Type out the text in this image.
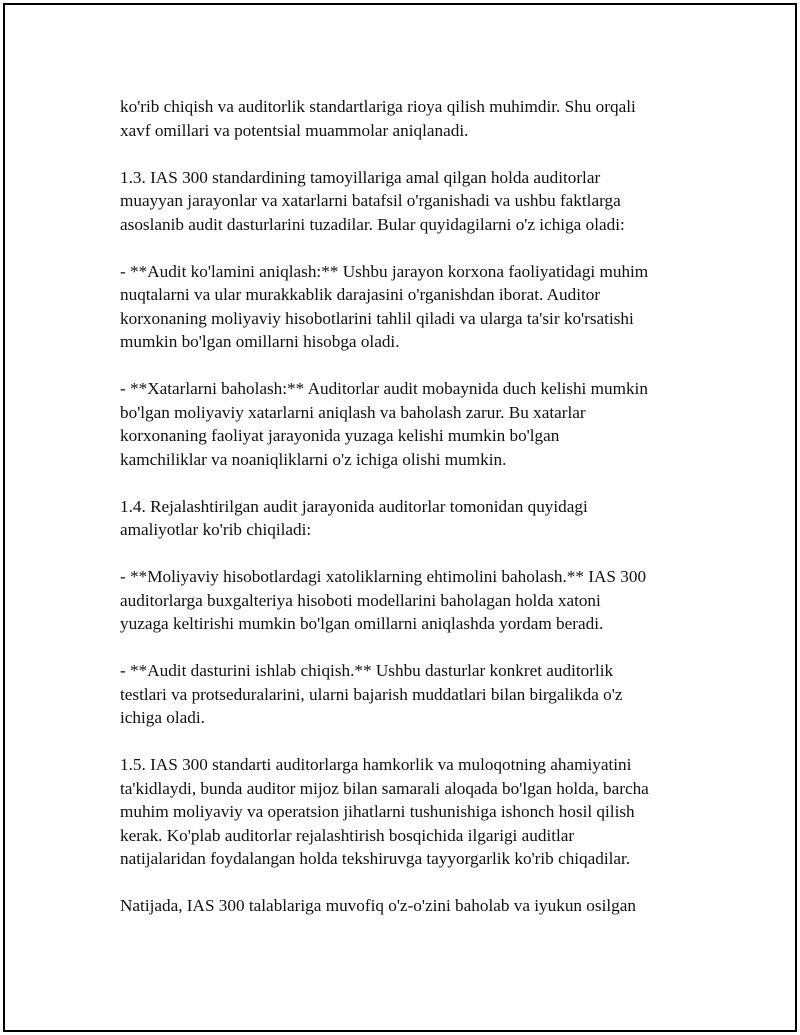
ko'rib chiqish va auditorlik standartlariga rioya qilish muhimdir. Shu orqali
xavf omillari va potentsial muammolar aniqlanadi.

1.3. IAS 300 standardining tamoyillariga amal qilgan holda auditorlar
muayyan jarayonlar va xatarlarni batafsil o'rganishadi va ushbu faktlarga
asoslanib audit dasturlarini tuzadilar. Bular quyidagilarni o'z ichiga oladi:

- **Audit ko'lamini aniqlash:** Ushbu jarayon korxona faoliyatidagi muhim
nuqtalarni va ular murakkablik darajasini o'rganishdan iborat. Auditor
korxonaning moliyaviy hisobotlarini tahlil qiladi va ularga ta'sir ko'rsatishi
mumkin bo'lgan omillarni hisobga oladi.

- **Xatarlarni baholash:** Auditorlar audit mobaynida duch kelishi mumkin
bo'lgan moliyaviy xatarlarni aniqlash va baholash zarur. Bu xatarlar
korxonaning faoliyat jarayonida yuzaga kelishi mumkin bo'lgan
kamchiliklar va noaniqliklarni o'z ichiga olishi mumkin.

1.4. Rejalashtirilgan audit jarayonida auditorlar tomonidan quyidagi
amaliyotlar ko'rib chiqiladi:

- **Moliyaviy hisobotlardagi xatoliklarning ehtimolini baholash.** IAS 300
auditorlarga buxgalteriya hisoboti modellarini baholagan holda xatoni
yuzaga keltirishi mumkin bo'lgan omillarni aniqlashda yordam beradi.

- **Audit dasturini ishlab chiqish.** Ushbu dasturlar konkret auditorlik
testlari va protseduralarini, ularni bajarish muddatlari bilan birgalikda o'z
ichiga oladi.

1.5. IAS 300 standarti auditorlarga hamkorlik va muloqotning ahamiyatini
ta'kidlaydi, bunda auditor mijoz bilan samarali aloqada bo'lgan holda, barcha
muhim moliyaviy va operatsion jihatlarni tushunishiga ishonch hosil qilish
kerak. Ko'plab auditorlar rejalashtirish bosqichida ilgarigi auditlar
natijalaridan foydalangan holda tekshiruvga tayyorgarlik ko'rib chiqadilar.

Natijada, IAS 300 talablariga muvofiq o'z-o'zini baholab va iyukun osilgan
